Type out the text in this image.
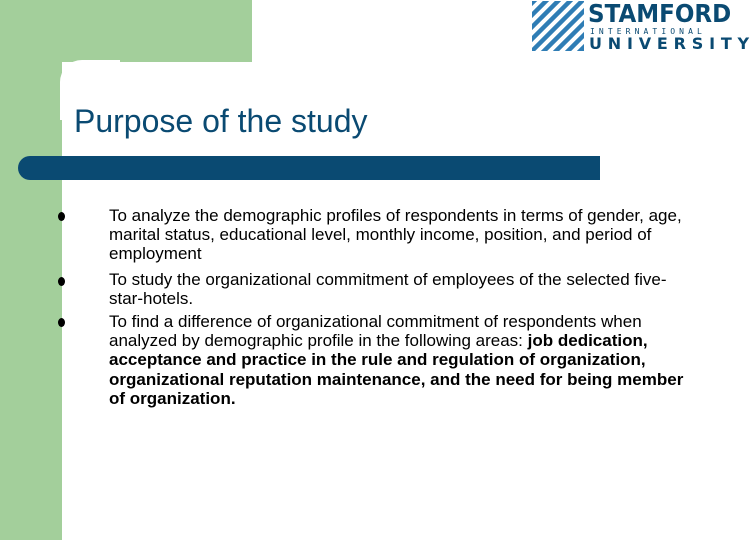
STAMFORD
INTERNATIONAL
UNIVERSITY
Purpose of the study
To analyze the demographic profiles of respondents in terms of gender, age, marital status, educational level, monthly income, position, and period of employment
To study the organizational commitment of employees of the selected five-star-hotels.
To find a difference of organizational commitment of respondents when analyzed by demographic profile in the following areas: job dedication, acceptance and practice in the rule and regulation of organization, organizational reputation maintenance, and the need for being member of organization.
